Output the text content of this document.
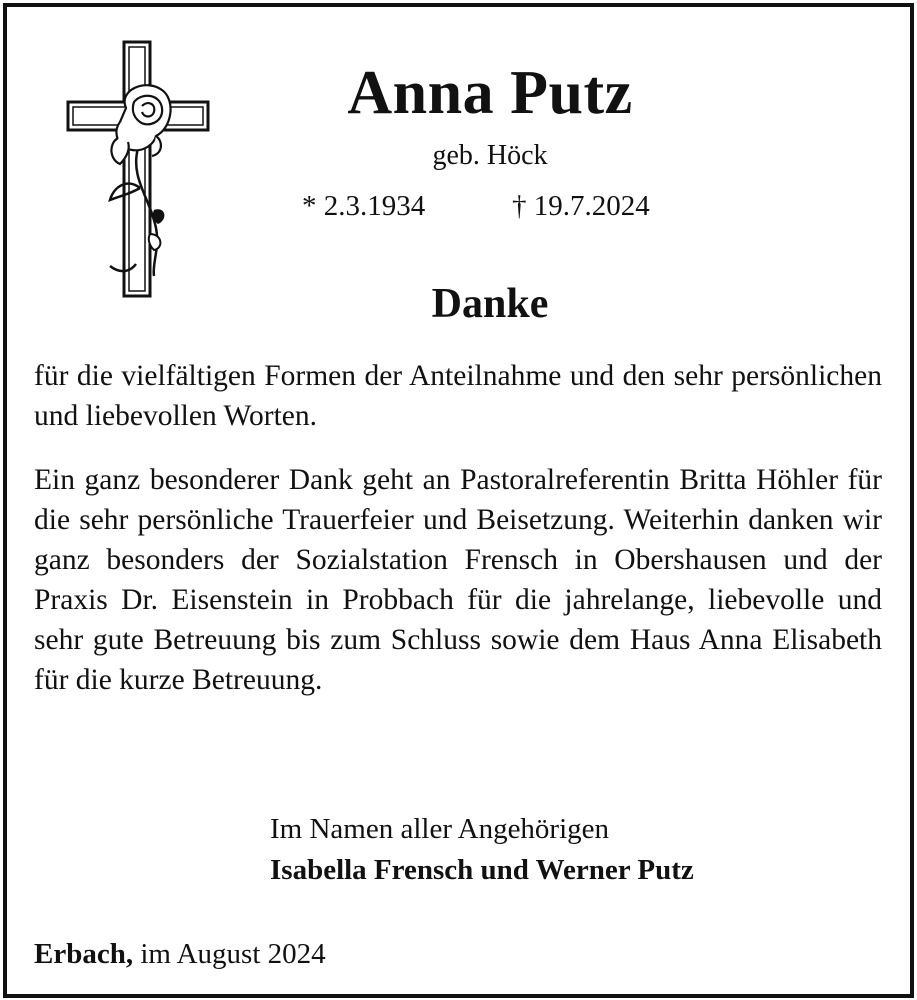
Anna Putz
geb. Höck
* 2.3.1934	† 19.7.2024
Danke

für die vielfältigen Formen der Anteilnahme und den sehr persönlichen und liebevollen Worten.

Ein ganz besonderer Dank geht an Pastoralreferentin Britta Höhler für die sehr persönliche Trauerfeier und Beisetzung. Weiterhin danken wir ganz besonders der Sozialstation Frensch in Obershausen und der Praxis Dr. Eisenstein in Probbach für die jahrelange, liebevolle und sehr gute Betreuung bis zum Schluss sowie dem Haus Anna Elisabeth für die kurze Betreuung.

Im Namen aller Angehörigen
Isabella Frensch und Werner Putz
Erbach, im August 2024
